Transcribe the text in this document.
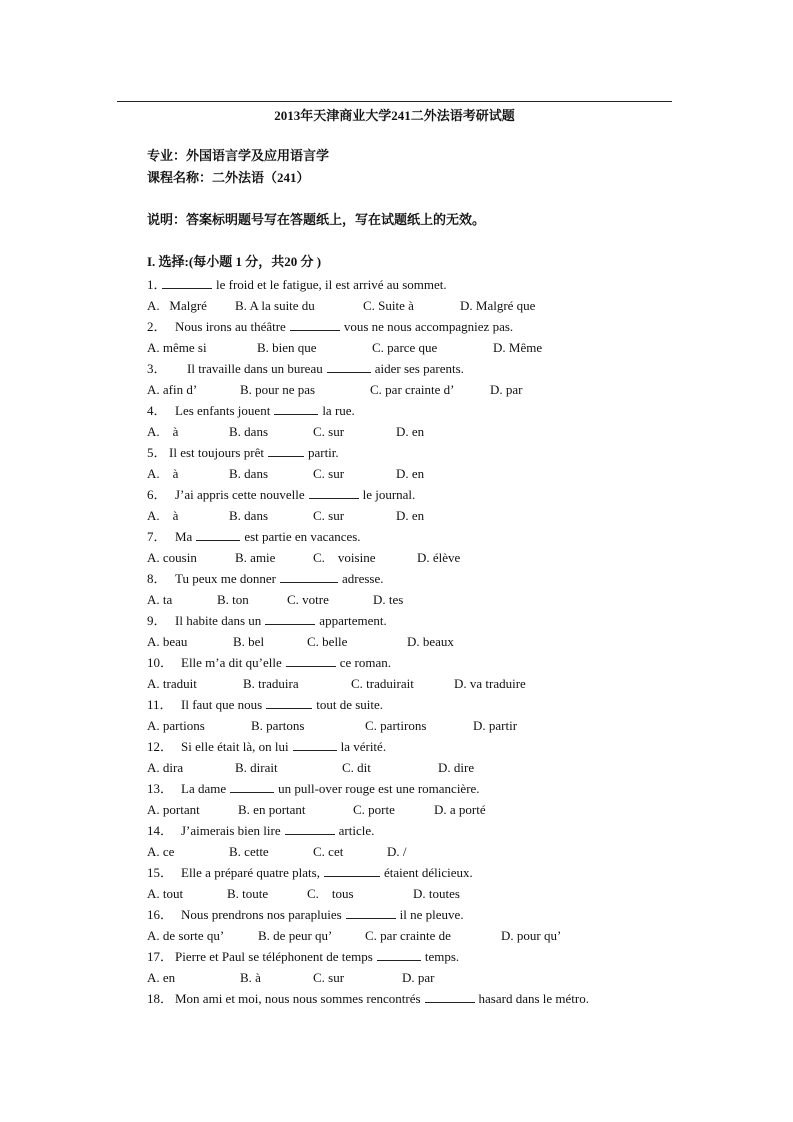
2013年天津商业大学241二外法语考研试题
专业：外国语言学及应用语言学
课程名称：二外法语（241）
说明：答案标明题号写在答题纸上，写在试题纸上的无效。
I. 选择:(每小题 1 分，共20 分 )
1．	le froid et le fatigue, il est arrivé au sommet.
A.   Malgré B. A la suite du	C. Suite à	D. Malgré que
2． Nous irons au théâtre	vous ne nous accompagniez pas.
A. même si	B. bien que	C. parce que	D. Même
3． Il travaille dans un bureau	aider ses parents.
A. afin d’	B. pour ne pas	C. par crainte d’	D. par
4． Les enfants jouent	la rue.
A.    à	B. dans	C. sur	D. en
5． Il est toujours prêt	partir.
A.    à	B. dans	C. sur	D. en
6． J’ai appris cette nouvelle	le journal.
A.    à	B. dans	C. sur	D. en
7． Ma	est partie en vacances.
A. cousin	B. amie	C.    voisine	D. élève
8． Tu peux me donner	adresse.
A. ta	B. ton	C. votre	D. tes
9． Il habite dans un	appartement.
A. beau	B. bel	C. belle	D. beaux
10． Elle m’a dit qu’elle	ce roman.
A. traduit	B. traduira	C. traduirait	D. va traduire
11． Il faut que nous	tout de suite.
A. partions	B. partons	C. partirons	D. partir
12． Si elle était là, on lui	la vérité.
A. dira	B. dirait	C. dit	D. dire
13． La dame	un pull-over rouge est une romancière.
A. portant	B. en portant	C. porte	D. a porté
14． J’aimerais bien lire	article.
A. ce	B. cette	C. cet	D. /
15． Elle a préparé quatre plats,	étaient délicieux.
A. tout	B. toute	C.    tous	D. toutes
16． Nous prendrons nos parapluies	il ne pleuve.
A. de sorte qu’	B. de peur qu’	C. par crainte de	D. pour qu’
17． Pierre et Paul se téléphonent de temps	temps.
A. en	B. à	C. sur	D. par
18． Mon ami et moi, nous nous sommes rencontrés	hasard dans le métro.
